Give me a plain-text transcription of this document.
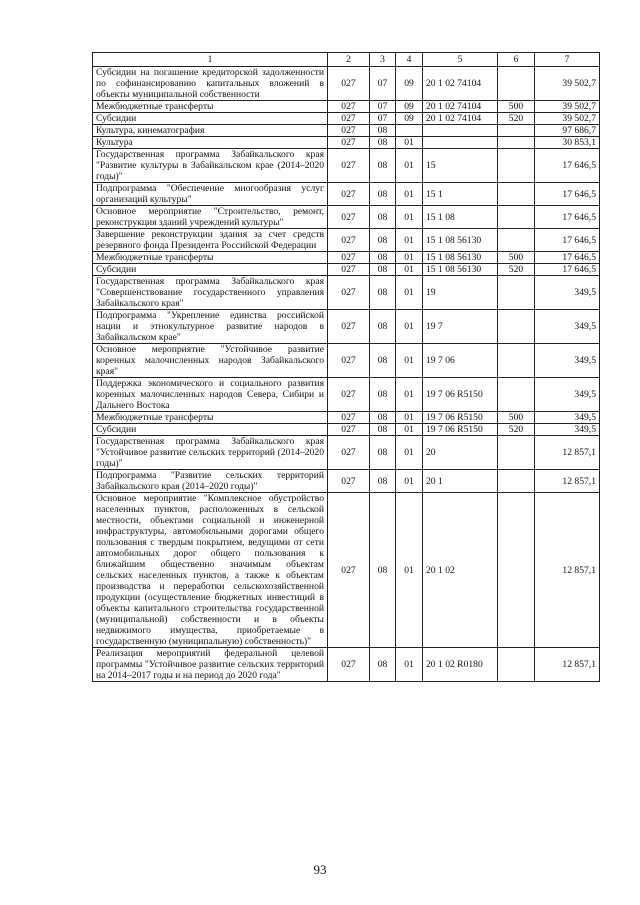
1	2	3	4	5	6	7
Субсидии на погашение кредиторской задолженности по софинансированию капитальных вложений в объекты муниципальной собственности	027	07	09	20 1 02 74104		39 502,7
Межбюджетные трансферты	027	07	09	20 1 02 74104	500	39 502,7
Субсидии	027	07	09	20 1 02 74104	520	39 502,7
Культура, кинематография	027	08				97 686,7
Культура	027	08	01			30 853,1
Государственная программа Забайкальского края "Развитие культуры в Забайкальском крае (2014–2020 годы)"	027	08	01	15		17 646,5
Подпрограмма "Обеспечение многообразия услуг организаций культуры"	027	08	01	15 1		17 646,5
Основное мероприятие "Строительство, ремонт, реконструкция зданий учреждений культуры"	027	08	01	15 1 08		17 646,5
Завершение реконструкции здания за счет средств резервного фонда Президента Российской Федерации	027	08	01	15 1 08 56130		17 646,5
Межбюджетные трансферты	027	08	01	15 1 08 56130	500	17 646,5
Субсидии	027	08	01	15 1 08 56130	520	17 646,5
Государственная программа Забайкальского края "Совершенствование государственного управления Забайкальского края"	027	08	01	19		349,5
Подпрограмма "Укрепление единства российской нации и этнокультурное развитие народов в Забайкальском крае"	027	08	01	19 7		349,5
Основное мероприятие "Устойчивое развитие коренных малочисленных народов Забайкальского края"	027	08	01	19 7 06		349,5
Поддержка экономического и социального развития коренных малочисленных народов Севера, Сибири и Дальнего Востока	027	08	01	19 7 06 R5150		349,5
Межбюджетные трансферты	027	08	01	19 7 06 R5150	500	349,5
Субсидии	027	08	01	19 7 06 R5150	520	349,5
Государственная программа Забайкальского края "Устойчивое развитие сельских территорий (2014–2020 годы)"	027	08	01	20		12 857,1
Подпрограмма "Развитие сельских территорий Забайкальского края (2014–2020 годы)"	027	08	01	20 1		12 857,1
Основное мероприятие "Комплексное обустройство населенных пунктов, расположенных в сельской местности, объектами социальной и инженерной инфраструктуры, автомобильными дорогами общего пользования с твердым покрытием, ведущими от сети автомобильных дорог общего пользования к ближайшим общественно значимым объектам сельских населенных пунктов, а также к объектам производства и переработки сельскохозяйственной продукции (осуществление бюджетных инвестиций в объекты капитального строительства государственной (муниципальной) собственности и в объекты недвижимого имущества, приобретаемые в государственную (муниципальную) собственность)"	027	08	01	20 1 02		12 857,1
Реализация мероприятий федеральной целевой программы "Устойчивое развитие сельских территорий на 2014–2017 годы и на период до 2020 года"	027	08	01	20 1 02 R0180		12 857,1
93
